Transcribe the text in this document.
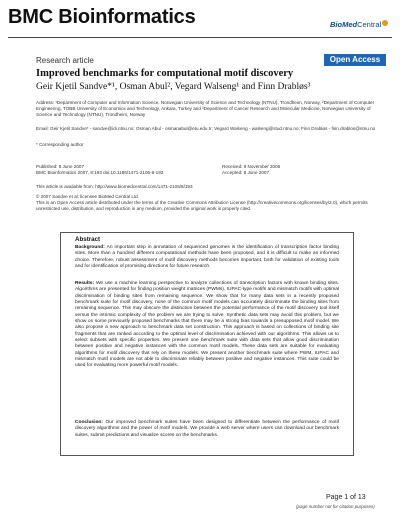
BMC Bioinformatics	BioMedCentral
Research article	Open Access
Improved benchmarks for computational motif discovery
Geir Kjetil Sandve*¹, Osman Abul², Vegard Walseng¹ and Finn Drabløs³
Address: ¹Department of Computer and Information Science, Norwegian University of Science and Technology (NTNU), Trondheim, Norway, ²Department of Computer Engineering, TOBB University of Economics and Technology, Ankara, Turkey and ³Department of Cancer Research and Molecular Medicine, Norwegian University of Science and Technology (NTNU), Trondheim, Norway
Email: Geir Kjetil Sandve* - sandve@idi.ntnu.no; Osman Abul - osmanabul@etu.edu.tr; Vegard Walseng - walseng@stud.ntnu.no; Finn Drabløs - finn.drablos@ntnu.no
* Corresponding author
Published: 8 June 2007
BMC Bioinformatics 2007, 8:193 doi:10.1186/1471-2105-8-193
Received: 9 November 2006
Accepted: 8 June 2007
This article is available from: http://www.biomedcentral.com/1471-2105/8/193
© 2007 Sandve et al; licensee BioMed Central Ltd.
This is an Open Access article distributed under the terms of the Creative Commons Attribution License (http://creativecommons.org/licenses/by/2.0), which permits unrestricted use, distribution, and reproduction in any medium, provided the original work is properly cited.
Abstract
Background: An important step in annotation of sequenced genomes is the identification of transcription factor binding sites. More than a hundred different computational methods have been proposed, and it is difficult to make an informed choice. Therefore, robust assessment of motif discovery methods becomes important, both for validation of existing tools and for identification of promising directions for future research.
Results: We use a machine learning perspective to analyze collections of transcription factors with known binding sites. Algorithms are presented for finding position weight matrices (PWMs), IUPAC-type motifs and mismatch motifs with optimal discrimination of binding sites from remaining sequence. We show that for many data sets in a recently proposed benchmark suite for motif discovery, none of the common motif models can accurately discriminate the binding sites from remaining sequence. This may obscure the distinction between the potential performance of the motif discovery tool itself versus the intrinsic complexity of the problem we are trying to solve. Synthetic data sets may avoid this problem, but we show on some previously proposed benchmarks that there may be a strong bias towards a presupposed motif model. We also propose a new approach to benchmark data set construction. This approach is based on collections of binding site fragments that are ranked according to the optimal level of discrimination achieved with our algorithms. This allows us to select subsets with specific properties. We present one benchmark suite with data sets that allow good discrimination between positive and negative instances with the common motif models. These data sets are suitable for evaluating algorithms for motif discovery that rely on these models. We present another benchmark suite where PWM, IUPAC and mismatch motif models are not able to discriminate reliably between positive and negative instances. This suite could be used for evaluating more powerful motif models.
Conclusion: Our improved benchmark suites have been designed to differentiate between the performance of motif discovery algorithms and the power of motif models. We provide a web server where users can download our benchmark suites, submit predictions and visualize scores on the benchmarks.
Page 1 of 13
(page number not for citation purposes)
